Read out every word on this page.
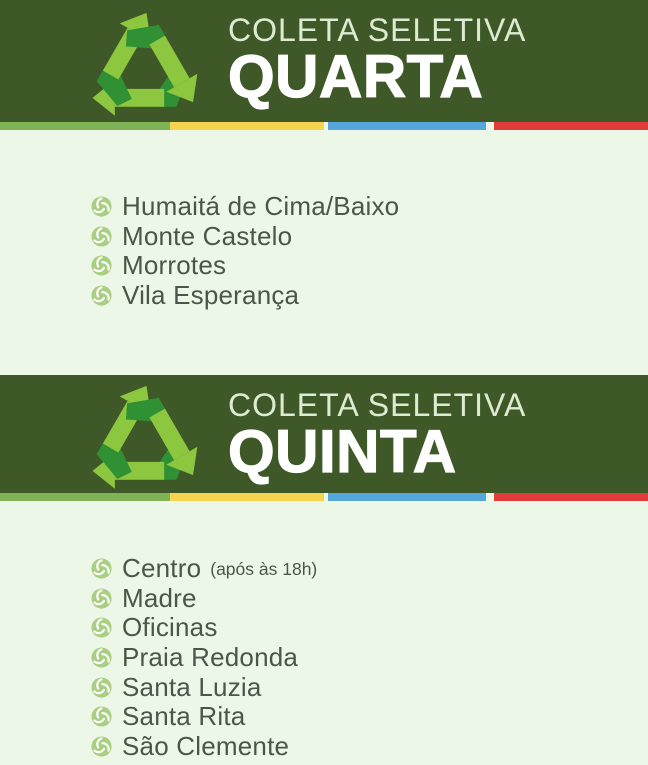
COLETA SELETIVA
QUARTA
Humaitá de Cima/Baixo
Monte Castelo
Morrotes
Vila Esperança
COLETA SELETIVA
QUINTA
Centro (após às 18h)
Madre
Oficinas
Praia Redonda
Santa Luzia
Santa Rita
São Clemente
